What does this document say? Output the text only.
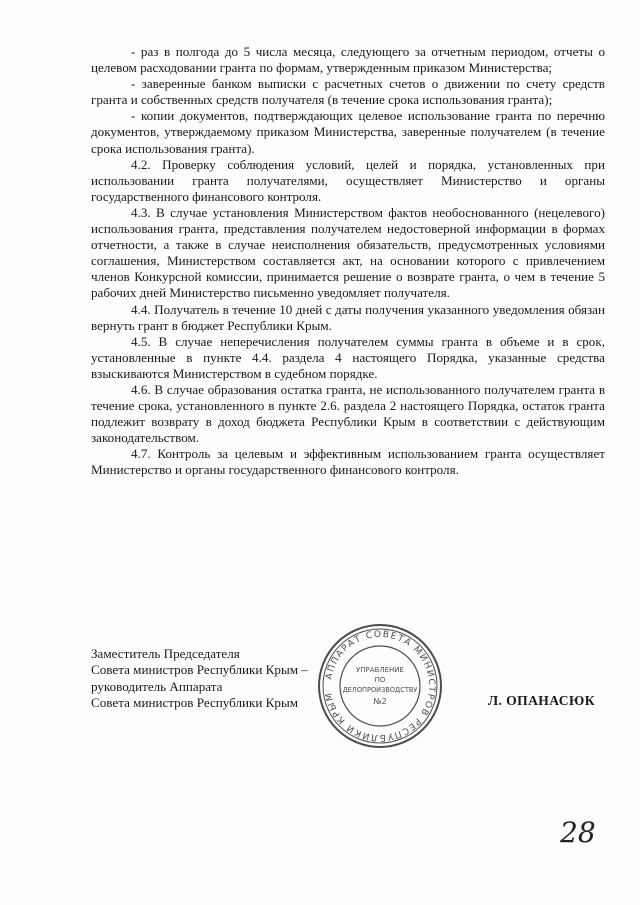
- раз в полгода до 5 числа месяца, следующего за отчетным периодом, отчеты о целевом расходовании гранта по формам, утвержденным приказом Министерства;

- заверенные банком выписки с расчетных счетов о движении по счету средств гранта и собственных средств получателя (в течение срока использования гранта);

- копии документов, подтверждающих целевое использование гранта по перечню документов, утверждаемому приказом Министерства, заверенные получателем (в течение срока использования гранта).

4.2. Проверку соблюдения условий, целей и порядка, установленных при использовании гранта получателями, осуществляет Министерство и органы государственного финансового контроля.

4.3. В случае установления Министерством фактов необоснованного (нецелевого) использования гранта, представления получателем недостоверной информации в формах отчетности, а также в случае неисполнения обязательств, предусмотренных условиями соглашения, Министерством составляется акт, на основании которого с привлечением членов Конкурсной комиссии, принимается решение о возврате гранта, о чем в течение 5 рабочих дней Министерство письменно уведомляет получателя.

4.4. Получатель в течение 10 дней с даты получения указанного уведомления обязан вернуть грант в бюджет Республики Крым.

4.5. В случае неперечисления получателем суммы гранта в объеме и в срок, установленные в пункте 4.4. раздела 4 настоящего Порядка, указанные средства взыскиваются Министерством в судебном порядке.

4.6. В случае образования остатка гранта, не использованного получателем гранта в течение срока, установленного в пункте 2.6. раздела 2 настоящего Порядка, остаток гранта подлежит возврату в доход бюджета Республики Крым в соответствии с действующим законодательством.

4.7. Контроль за целевым и эффективным использованием гранта осуществляет Министерство и органы государственного финансового контроля.

Заместитель Председателя
Совета министров Республики Крым –
руководитель Аппарата
Совета министров Республики Крым
АППАРАТ СОВЕТА МИНИСТРОВ РЕСПУБЛИКИ КРЫМ
УПРАВЛЕНИЕ
ПО
ДЕЛОПРОИЗВОДСТВУ
№2	Л. ОПАНАСЮК
28
